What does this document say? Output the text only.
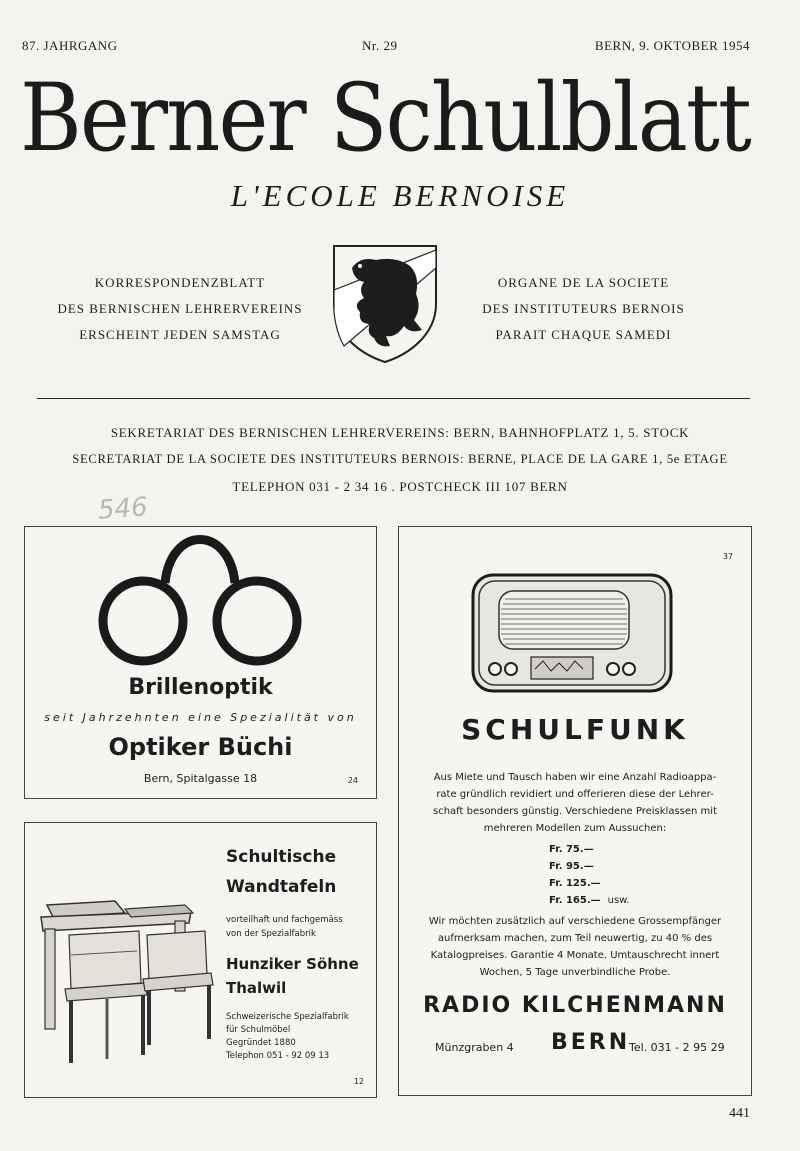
87. JAHRGANG	Nr. 29	BERN, 9. OKTOBER 1954
Berner Schulblatt
L'ECOLE BERNOISE
KORRESPONDENZBLATT
DES BERNISCHEN LEHRERVEREINS
ERSCHEINT JEDEN SAMSTAG
ORGANE DE LA SOCIETE
DES INSTITUTEURS BERNOIS
PARAIT CHAQUE SAMEDI
SEKRETARIAT DES BERNISCHEN LEHRERVEREINS: BERN, BAHNHOFPLATZ 1, 5. STOCK
SECRETARIAT DE LA SOCIETE DES INSTITUTEURS BERNOIS: BERNE, PLACE DE LA GARE 1, 5e ETAGE
TELEPHON 031 - 2 34 16 . POSTCHECK III 107 BERN
546
Brillenoptik
seit Jahrzehnten eine Spezialität von
Optiker Büchi
Bern, Spitalgasse 18	24
Schultische
Wandtafeln
vorteilhaft und fachgemäss
von der Spezialfabrik
Hunziker Söhne
Thalwil
Schweizerische Spezialfabrik
für Schulmöbel
Gegründet 1880
Telephon 051 - 92 09 13
12
37
SCHULFUNK
Aus Miete und Tausch haben wir eine Anzahl Radioappa-
rate gründlich revidiert und offerieren diese der Lehrer-
schaft besonders günstig. Verschiedene Preisklassen mit
mehreren Modellen zum Aussuchen:
Fr. 75.—
Fr. 95.—
Fr. 125.—
Fr. 165.— usw.
Wir möchten zusätzlich auf verschiedene Grossempfänger
aufmerksam machen, zum Teil neuwertig, zu 40 % des
Katalogpreises. Garantie 4 Monate. Umtauschrecht innert
Wochen, 5 Tage unverbindliche Probe.
RADIO KILCHENMANN
Münzgraben 4 BERN
Tel. 031 - 2 95 29
441
